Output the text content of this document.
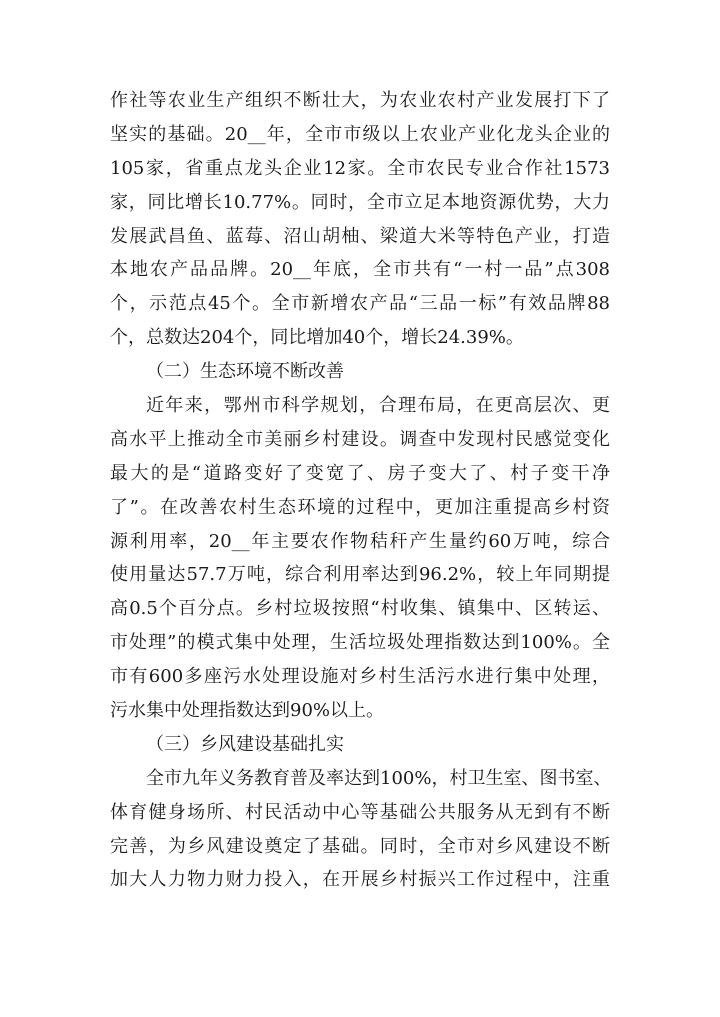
作社等农业生产组织不断壮大，为农业农村产业发展打下了
坚实的基础。20__年，全市市级以上农业产业化龙头企业的
105家，省重点龙头企业12家。全市农民专业合作社1573
家，同比增长10.77%。同时，全市立足本地资源优势，大力
发展武昌鱼、蓝莓、沼山胡柚、梁道大米等特色产业，打造
本地农产品品牌。20__年底，全市共有“一村一品”点308
个，示范点45个。全市新增农产品“三品一标”有效品牌88
个，总数达204个，同比增加40个，增长24.39%。
（二）生态环境不断改善
近年来，鄂州市科学规划，合理布局，在更高层次、更
高水平上推动全市美丽乡村建设。调查中发现村民感觉变化
最大的是“道路变好了变宽了、房子变大了、村子变干净
了”。在改善农村生态环境的过程中，更加注重提高乡村资
源利用率，20__年主要农作物秸秆产生量约60万吨，综合
使用量达57.7万吨，综合利用率达到96.2%，较上年同期提
高0.5个百分点。乡村垃圾按照“村收集、镇集中、区转运、
市处理”的模式集中处理，生活垃圾处理指数达到100%。全
市有600多座污水处理设施对乡村生活污水进行集中处理，
污水集中处理指数达到90%以上。
（三）乡风建设基础扎实
全市九年义务教育普及率达到100%，村卫生室、图书室、
体育健身场所、村民活动中心等基础公共服务从无到有不断
完善，为乡风建设奠定了基础。同时，全市对乡风建设不断
加大人力物力财力投入，在开展乡村振兴工作过程中，注重
